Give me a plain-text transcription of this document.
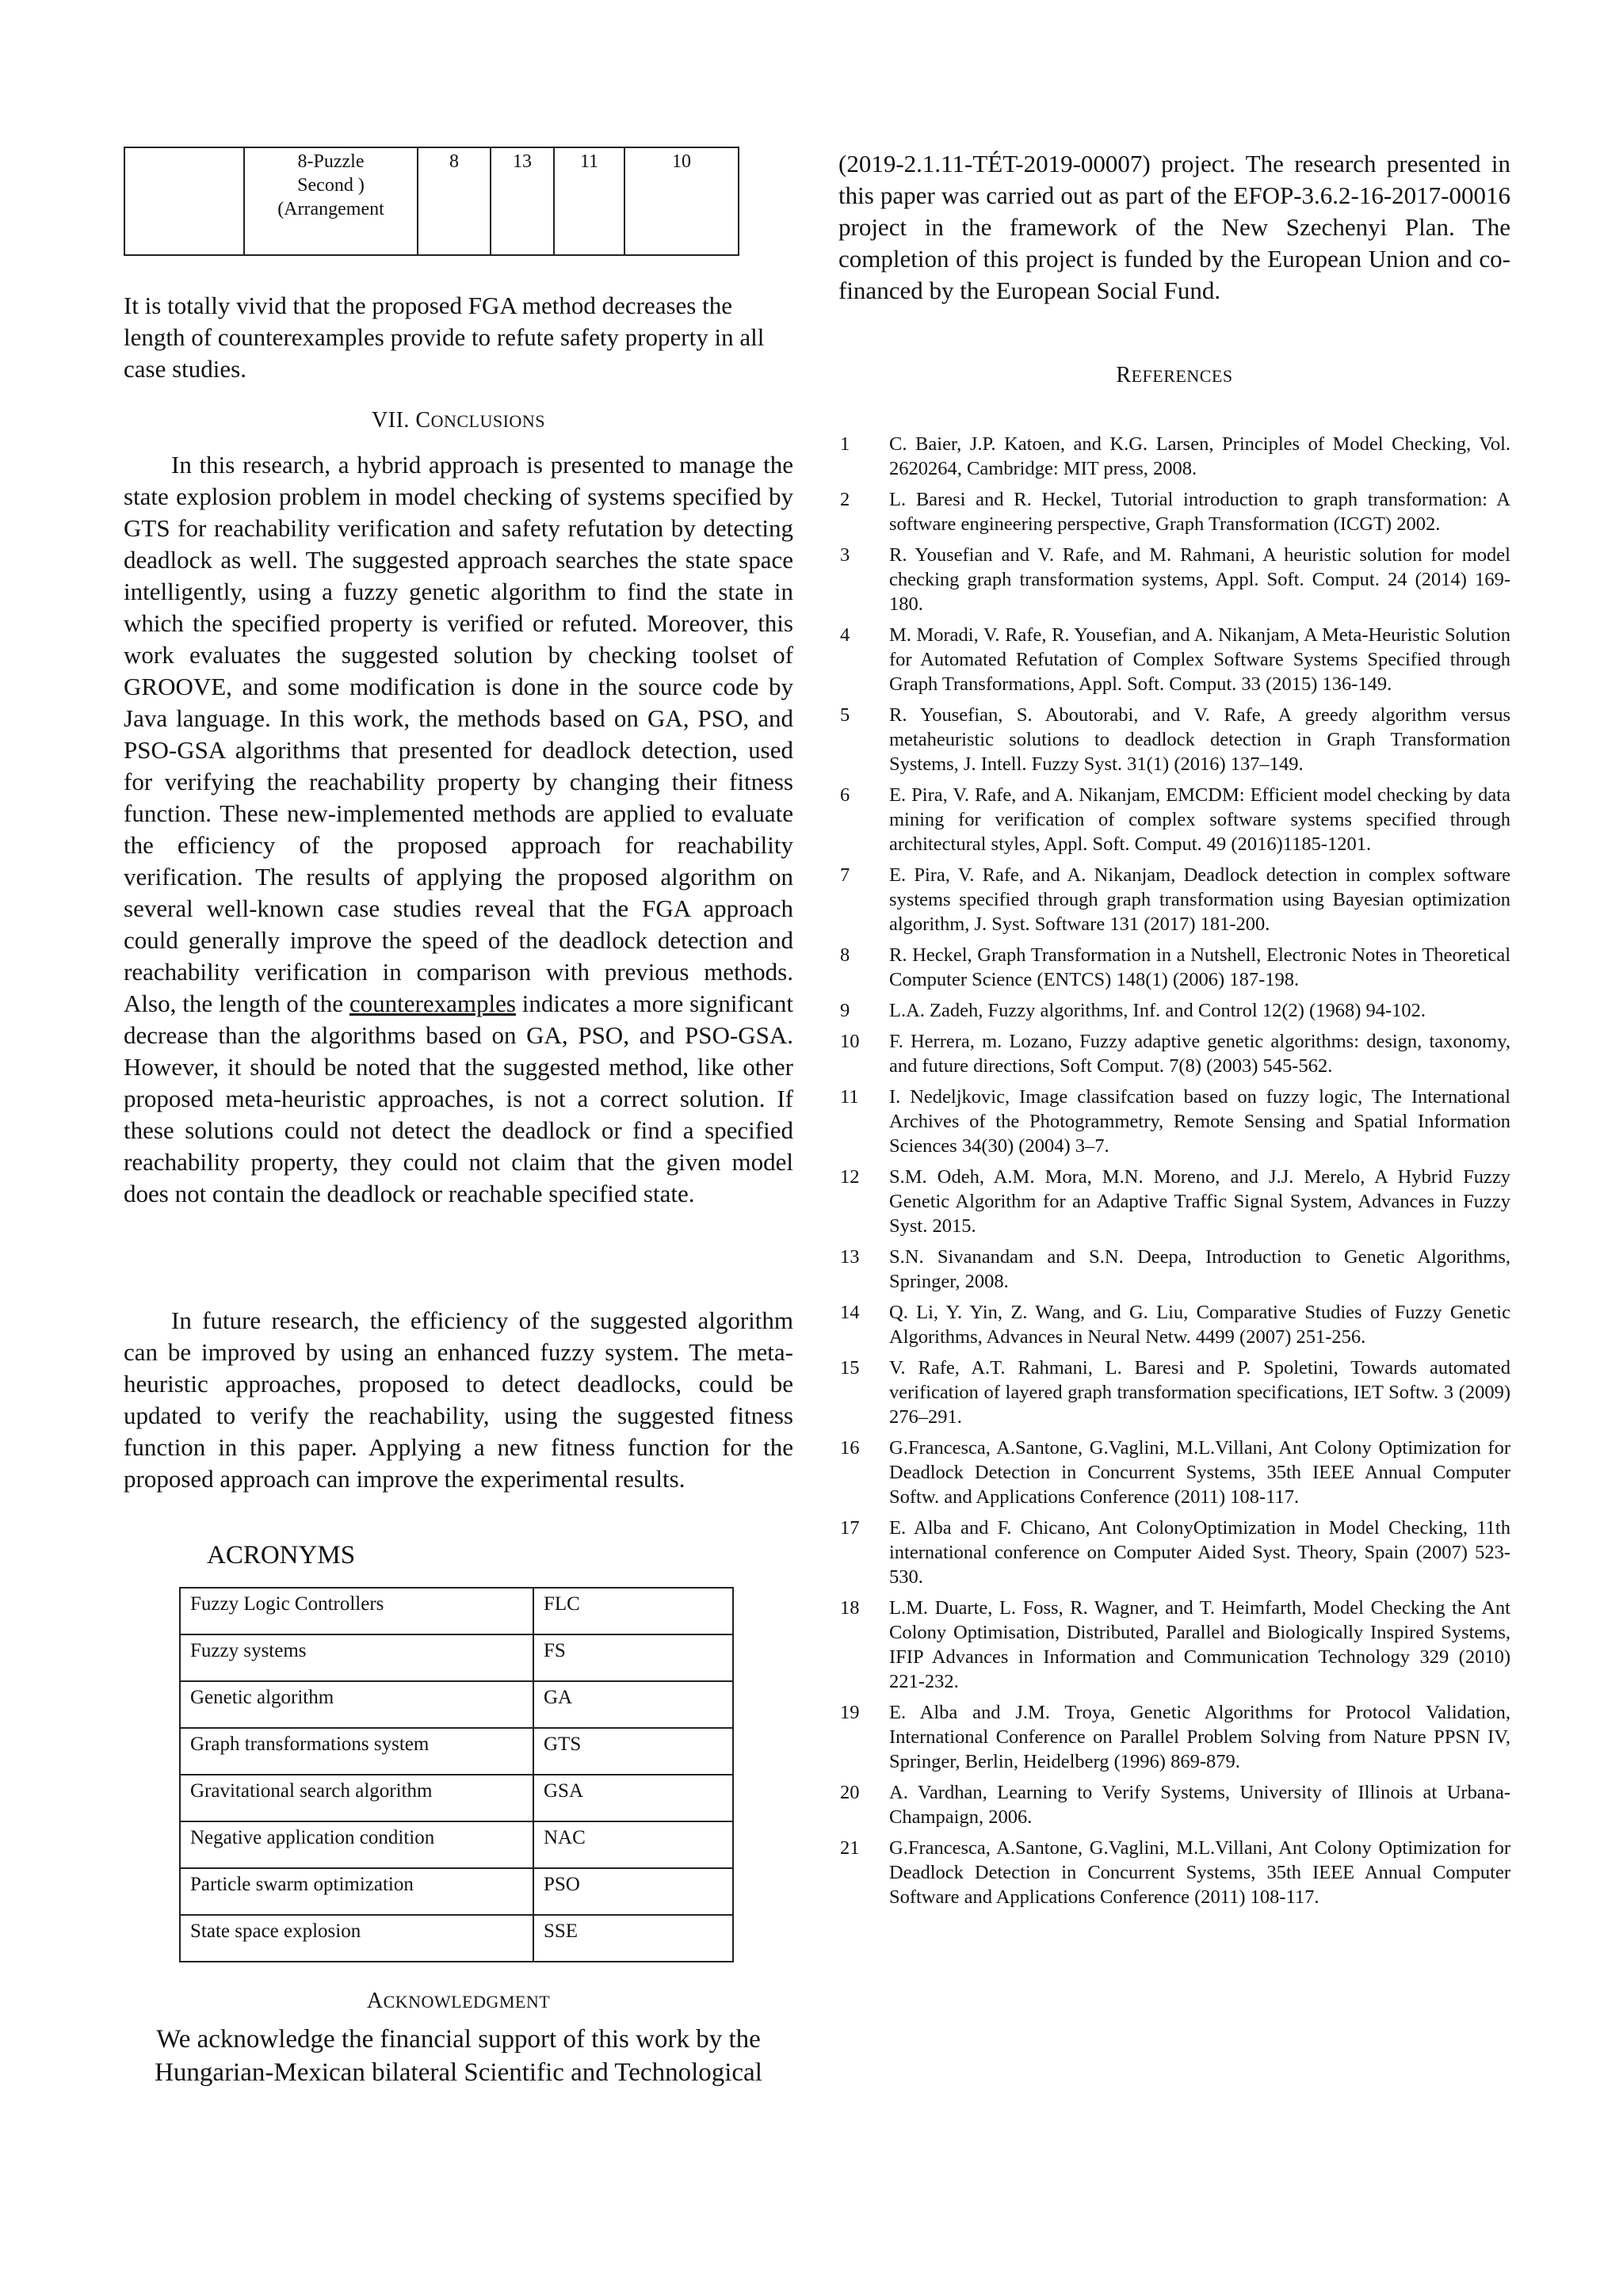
	8-Puzzle
Second )
(Arrangement	8	13	11	10

It is totally vivid that the proposed FGA method decreases the length of counterexamples provide to refute safety property in all case studies.

VII. CONCLUSIONS

In this research, a hybrid approach is presented to manage the state explosion problem in model checking of systems specified by GTS for reachability verification and safety refutation by detecting deadlock as well. The suggested approach searches the state space intelligently, using a fuzzy genetic algorithm to find the state in which the specified property is verified or refuted. Moreover, this work evaluates the suggested solution by checking toolset of GROOVE, and some modification is done in the source code by Java language. In this work, the methods based on GA, PSO, and PSO-GSA algorithms that presented for deadlock detection, used for verifying the reachability property by changing their fitness function. These new-implemented methods are applied to evaluate the efficiency of the proposed approach for reachability verification. The results of applying the proposed algorithm on several well-known case studies reveal that the FGA approach could generally improve the speed of the deadlock detection and reachability verification in comparison with previous methods. Also, the length of the counterexamples indicates a more significant decrease than the algorithms based on GA, PSO, and PSO-GSA. However, it should be noted that the suggested method, like other proposed meta-heuristic approaches, is not a correct solution. If these solutions could not detect the deadlock or find a specified reachability property, they could not claim that the given model does not contain the deadlock or reachable specified state.

In future research, the efficiency of the suggested algorithm can be improved by using an enhanced fuzzy system. The meta-heuristic approaches, proposed to detect deadlocks, could be updated to verify the reachability, using the suggested fitness function in this paper. Applying a new fitness function for the proposed approach can improve the experimental results.

ACRONYMS
Fuzzy Logic Controllers	FLC
Fuzzy systems	FS
Genetic algorithm	GA
Graph transformations system	GTS
Gravitational search algorithm	GSA
Negative application condition	NAC
Particle swarm optimization	PSO
State space explosion	SSE

ACKNOWLEDGMENT

We acknowledge the financial support of this work by the Hungarian-Mexican bilateral Scientific and Technological

(2019-2.1.11-TÉT-2019-00007) project. The research presented in this paper was carried out as part of the EFOP-3.6.2-16-2017-00016 project in the framework of the New Szechenyi Plan. The completion of this project is funded by the European Union and co-financed by the European Social Fund.

REFERENCES

1 C. Baier, J.P. Katoen, and K.G. Larsen, Principles of Model Checking, Vol. 2620264, Cambridge: MIT press, 2008.

2 L. Baresi and R. Heckel, Tutorial introduction to graph transformation: A software engineering perspective, Graph Transformation (ICGT) 2002.

3 R. Yousefian and V. Rafe, and M. Rahmani, A heuristic solution for model checking graph transformation systems, Appl. Soft. Comput. 24 (2014) 169-180.

4 M. Moradi, V. Rafe, R. Yousefian, and A. Nikanjam, A Meta-Heuristic Solution for Automated Refutation of Complex Software Systems Specified through Graph Transformations, Appl. Soft. Comput. 33 (2015) 136-149.

5 R. Yousefian, S. Aboutorabi, and V. Rafe, A greedy algorithm versus metaheuristic solutions to deadlock detection in Graph Transformation Systems, J. Intell. Fuzzy Syst. 31(1) (2016) 137–149.

6 E. Pira, V. Rafe, and A. Nikanjam, EMCDM: Efficient model checking by data mining for verification of complex software systems specified through architectural styles, Appl. Soft. Comput. 49 (2016)1185-1201.

7 E. Pira, V. Rafe, and A. Nikanjam, Deadlock detection in complex software systems specified through graph transformation using Bayesian optimization algorithm, J. Syst. Software 131 (2017) 181-200.

8 R. Heckel, Graph Transformation in a Nutshell, Electronic Notes in Theoretical Computer Science (ENTCS) 148(1) (2006) 187-198.

9 L.A. Zadeh, Fuzzy algorithms, Inf. and Control 12(2) (1968) 94-102.

10 F. Herrera, m. Lozano, Fuzzy adaptive genetic algorithms: design, taxonomy, and future directions, Soft Comput. 7(8) (2003) 545-562.

11 I. Nedeljkovic, Image classifcation based on fuzzy logic, The International Archives of the Photogrammetry, Remote Sensing and Spatial Information Sciences 34(30) (2004) 3–7.

12 S.M. Odeh, A.M. Mora, M.N. Moreno, and J.J. Merelo, A Hybrid Fuzzy Genetic Algorithm for an Adaptive Traffic Signal System, Advances in Fuzzy Syst. 2015.

13 S.N. Sivanandam and S.N. Deepa, Introduction to Genetic Algorithms, Springer, 2008.

14 Q. Li, Y. Yin, Z. Wang, and G. Liu, Comparative Studies of Fuzzy Genetic Algorithms, Advances in Neural Netw. 4499 (2007) 251-256.

15 V. Rafe, A.T. Rahmani, L. Baresi and P. Spoletini, Towards automated verification of layered graph transformation specifications, IET Softw. 3 (2009) 276–291.

16 G.Francesca, A.Santone, G.Vaglini, M.L.Villani, Ant Colony Optimization for Deadlock Detection in Concurrent Systems, 35th IEEE Annual Computer Softw. and Applications Conference (2011) 108-117.

17 E. Alba and F. Chicano, Ant ColonyOptimization in Model Checking, 11th international conference on Computer Aided Syst. Theory, Spain (2007) 523-530.

18 L.M. Duarte, L. Foss, R. Wagner, and T. Heimfarth, Model Checking the Ant Colony Optimisation, Distributed, Parallel and Biologically Inspired Systems, IFIP Advances in Information and Communication Technology 329 (2010) 221-232.

19 E. Alba and J.M. Troya, Genetic Algorithms for Protocol Validation, International Conference on Parallel Problem Solving from Nature PPSN IV, Springer, Berlin, Heidelberg (1996) 869-879.

20 A. Vardhan, Learning to Verify Systems, University of Illinois at Urbana-Champaign, 2006.

21 G.Francesca, A.Santone, G.Vaglini, M.L.Villani, Ant Colony Optimization for Deadlock Detection in Concurrent Systems, 35th IEEE Annual Computer Software and Applications Conference (2011) 108-117.
